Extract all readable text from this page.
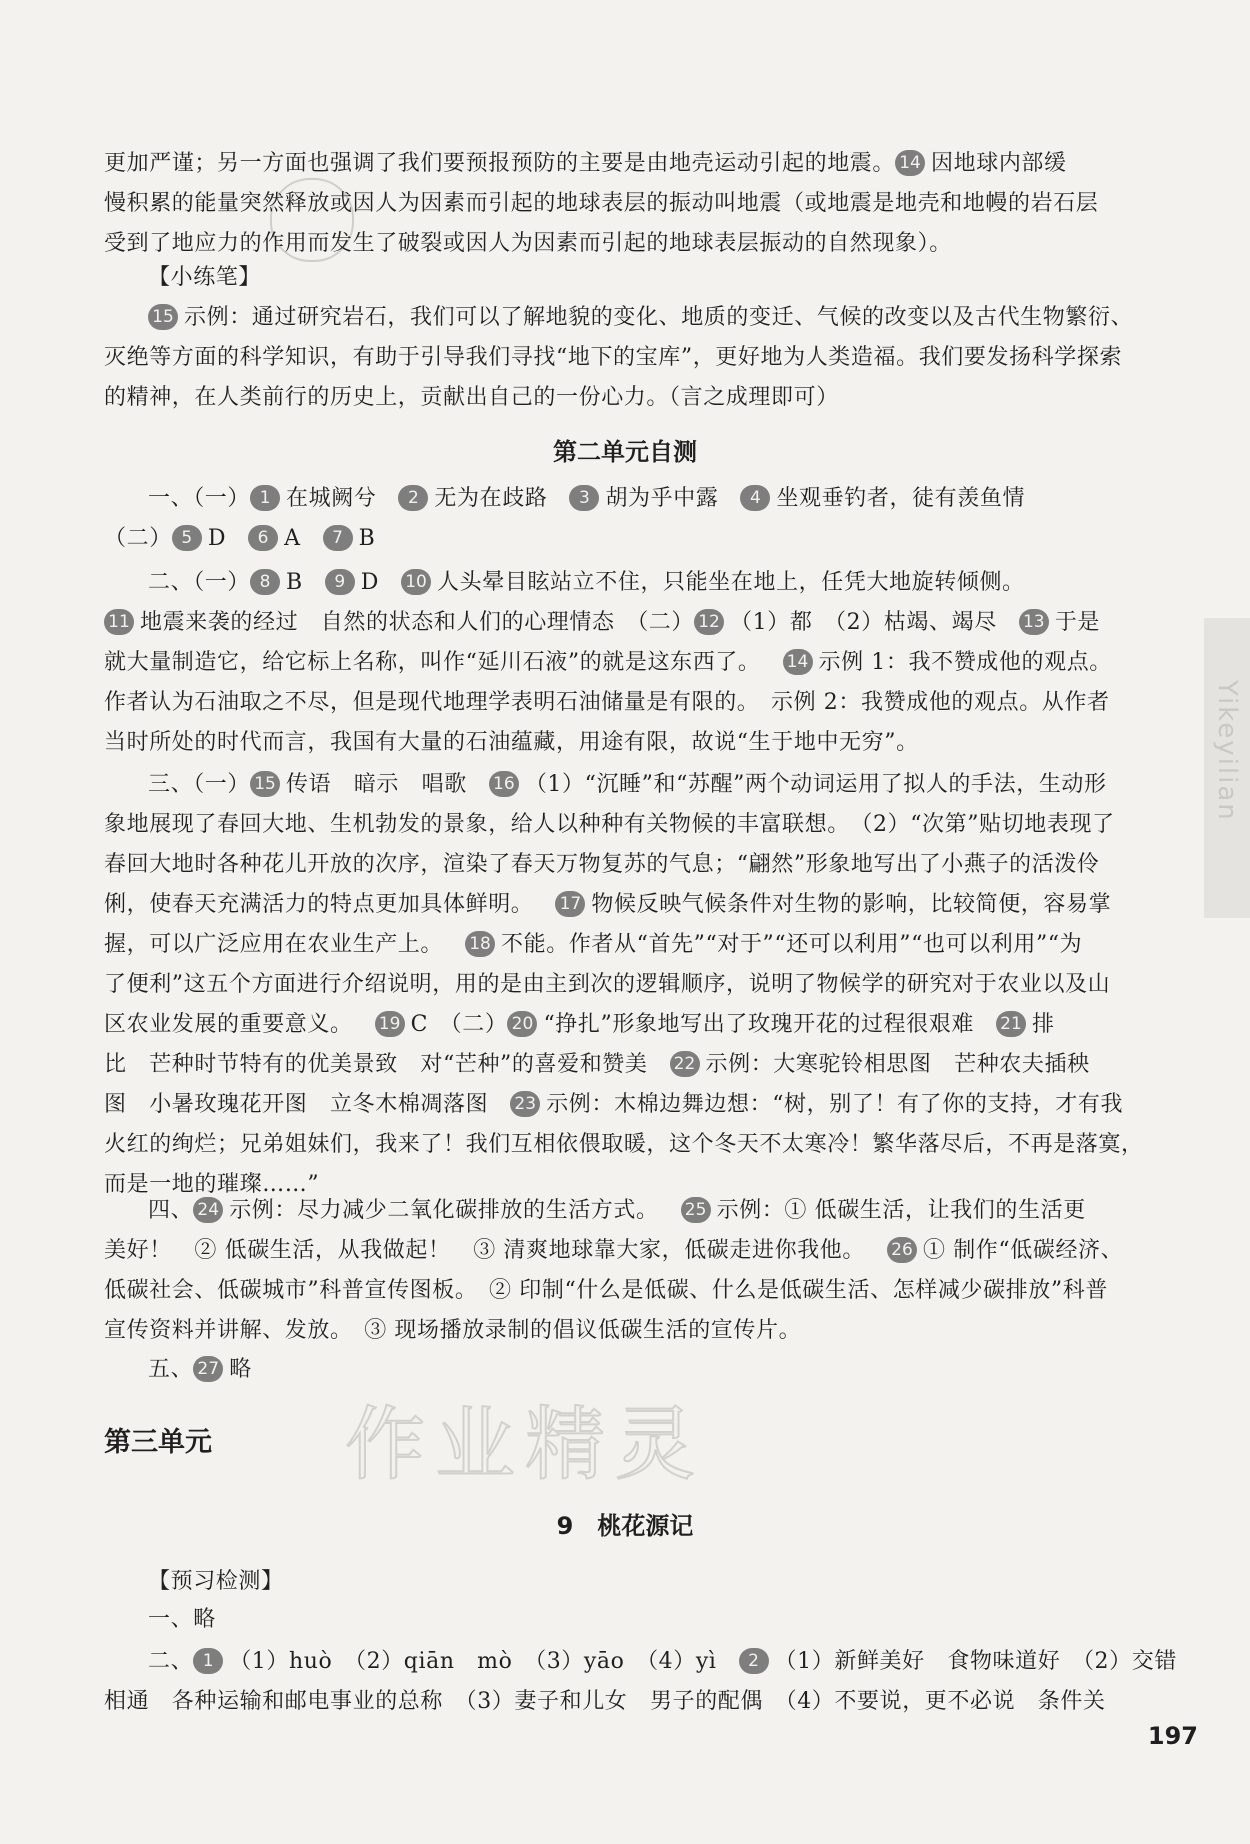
Yikeyilian
更加严谨；另一方面也强调了我们要预报预防的主要是由地壳运动引起的地震。 14 因地球内部缓
慢积累的能量突然释放或因人为因素而引起的地球表层的振动叫地震（或地震是地壳和地幔的岩石层
受到了地应力的作用而发生了破裂或因人为因素而引起的地球表层振动的自然现象）。
【小练笔】
15 示例：通过研究岩石，我们可以了解地貌的变化、地质的变迁、气候的改变以及古代生物繁衍、
灭绝等方面的科学知识，有助于引导我们寻找“地下的宝库”，更好地为人类造福。我们要发扬科学探索
的精神，在人类前行的历史上，贡献出自己的一份心力。（言之成理即可）
第二单元自测
一、（一） 1 在城阙兮 2 无为在歧路 3 胡为乎中露 4 坐观垂钓者，徒有羡鱼情
（二） 5 D 6 A 7 B
二、（一） 8 B 9 D 10 人头晕目眩站立不住，只能坐在地上，任凭大地旋转倾侧。
11 地震来袭的经过　自然的状态和人们的心理情态　（二） 12 （1）都　（2）枯竭、竭尽 13 于是
就大量制造它，给它标上名称，叫作“延川石液”的就是这东西了。 14 示例 1：我不赞成他的观点。
作者认为石油取之不尽，但是现代地理学表明石油储量是有限的。　示例 2：我赞成他的观点。从作者
当时所处的时代而言，我国有大量的石油蕴藏，用途有限，故说“生于地中无穷”。
三、（一） 15 传语　暗示　唱歌 16 （1）“沉睡”和“苏醒”两个动词运用了拟人的手法，生动形
象地展现了春回大地、生机勃发的景象，给人以种种有关物候的丰富联想。　（2）“次第”贴切地表现了
春回大地时各种花儿开放的次序，渲染了春天万物复苏的气息；“翩然”形象地写出了小燕子的活泼伶
俐，使春天充满活力的特点更加具体鲜明。 17 物候反映气候条件对生物的影响，比较简便，容易掌
握，可以广泛应用在农业生产上。 18 不能。作者从“首先”“对于”“还可以利用”“也可以利用”“为
了便利”这五个方面进行介绍说明，用的是由主到次的逻辑顺序，说明了物候学的研究对于农业以及山
区农业发展的重要意义。 19 C　（二） 20 “挣扎”形象地写出了玫瑰开花的过程很艰难 21 排
比　芒种时节特有的优美景致　对“芒种”的喜爱和赞美 22 示例：大寒驼铃相思图　芒种农夫插秧
图　小暑玫瑰花开图　立冬木棉凋落图 23 示例：木棉边舞边想：“树，别了！有了你的支持，才有我
火红的绚烂；兄弟姐妹们，我来了！我们互相依偎取暖，这个冬天不太寒冷！繁华落尽后，不再是落寞，
而是一地的璀璨……”
四、 24 示例：尽力减少二氧化碳排放的生活方式。 25 示例：① 低碳生活，让我们的生活更
美好！　② 低碳生活，从我做起！　③ 清爽地球靠大家，低碳走进你我他。 26 ① 制作“低碳经济、
低碳社会、低碳城市”科普宣传图板。　② 印制“什么是低碳、什么是低碳生活、怎样减少碳排放”科普
宣传资料并讲解、发放。　③ 现场播放录制的倡议低碳生活的宣传片。
五、 27 略
作业精灵
第三单元
9　桃花源记
【预习检测】
一、略
二、 1 （1）huò　（2）qiān　mò　（3）yāo　（4）yì 2 （1）新鲜美好　食物味道好　（2）交错
相通　各种运输和邮电事业的总称　（3）妻子和儿女　男子的配偶　（4）不要说，更不必说　条件关
197
